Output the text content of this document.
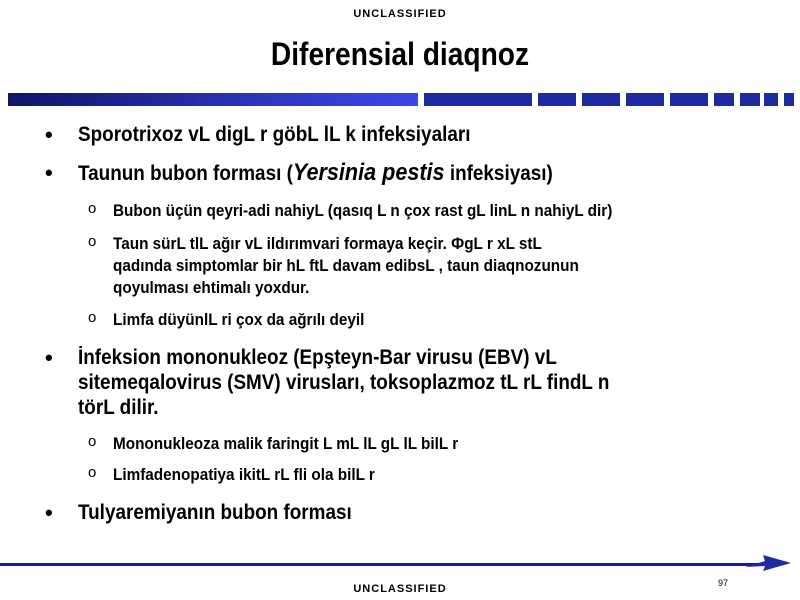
UNCLASSIFIED
Diferensial diaqnoz
• Sporotrixoz vL digL r göbL lL k infeksiyaları
• Taunun bubon forması (Yersinia pestis infeksiyası)
o Bubon üçün qeyri-adi nahiyL (qasıq L n çox rast gL linL n nahiyL dir)
o Taun sürL tlL ağır vL ildırımvari formaya keçir. ФgL r xL stL
qadında simptomlar bir hL ftL davam edibsL , taun diaqnozunun
qoyulması ehtimalı yoxdur.
o Limfa düyünlL ri çox da ağrılı deyil
• İnfeksion mononukleoz (Epşteyn-Bar virusu (EBV) vL
sitemeqalovirus (SMV) virusları, toksoplazmoz tL rL findL n
törL dilir.
o Mononukleoza malik faringit L mL lL gL lL bilL r
o Limfadenopatiya ikitL rL fli ola bilL r
• Tulyaremiyanın bubon forması
97
UNCLASSIFIED
